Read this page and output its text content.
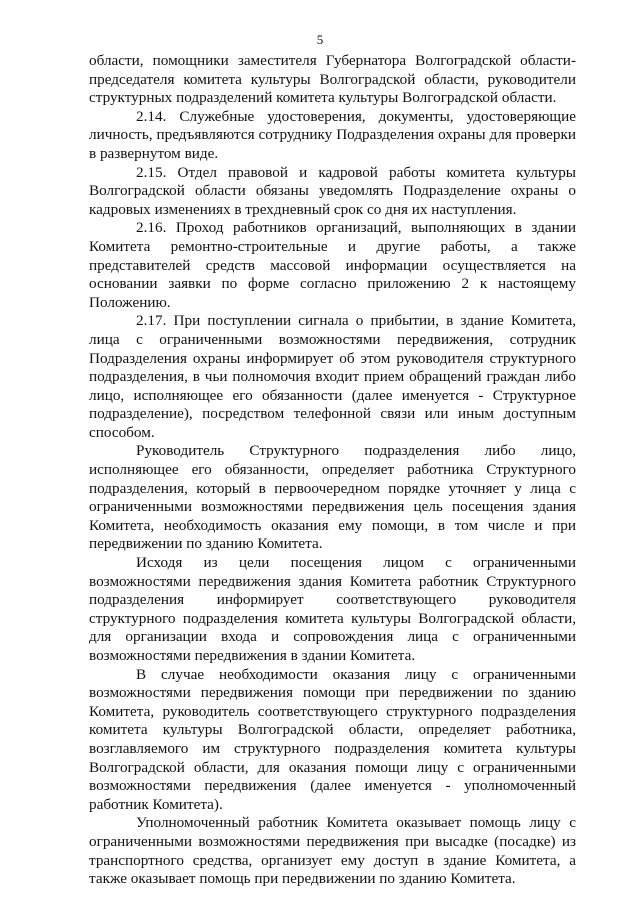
5

области, помощники заместителя Губернатора Волгоградской области-председателя комитета культуры Волгоградской области, руководители структурных подразделений комитета культуры Волгоградской области.

2.14. Служебные удостоверения, документы, удостоверяющие личность, предъявляются сотруднику Подразделения охраны для проверки в развернутом виде.

2.15. Отдел правовой и кадровой работы комитета культуры Волгоградской области обязаны уведомлять Подразделение охраны о кадровых изменениях в трехдневный срок со дня их наступления.

2.16. Проход работников организаций, выполняющих в здании Комитета ремонтно-строительные и другие работы, а также представителей средств массовой информации осуществляется на основании заявки по форме согласно приложению 2 к настоящему Положению.

2.17. При поступлении сигнала о прибытии, в здание Комитета, лица с ограниченными возможностями передвижения, сотрудник Подразделения охраны информирует об этом руководителя структурного подразделения, в чьи полномочия входит прием обращений граждан либо лицо, исполняющее его обязанности (далее именуется - Структурное подразделение), посредством телефонной связи или иным доступным способом.

Руководитель Структурного подразделения либо лицо, исполняющее его обязанности, определяет работника Структурного подразделения, который в первоочередном порядке уточняет у лица с ограниченными возможностями передвижения цель посещения здания Комитета, необходимость оказания ему помощи, в том числе и при передвижении по зданию Комитета.

Исходя из цели посещения лицом с ограниченными возможностями передвижения здания Комитета работник Структурного подразделения информирует соответствующего руководителя структурного подразделения комитета культуры Волгоградской области, для организации входа и сопровождения лица с ограниченными возможностями передвижения в здании Комитета.

В случае необходимости оказания лицу с ограниченными возможностями передвижения помощи при передвижении по зданию Комитета, руководитель соответствующего структурного подразделения комитета культуры Волгоградской области, определяет работника, возглавляемого им структурного подразделения комитета культуры Волгоградской области, для оказания помощи лицу с ограниченными возможностями передвижения (далее именуется - уполномоченный работник Комитета).

Уполномоченный работник Комитета оказывает помощь лицу с ограниченными возможностями передвижения при высадке (посадке) из транспортного средства, организует ему доступ в здание Комитета, а также оказывает помощь при передвижении по зданию Комитета.
